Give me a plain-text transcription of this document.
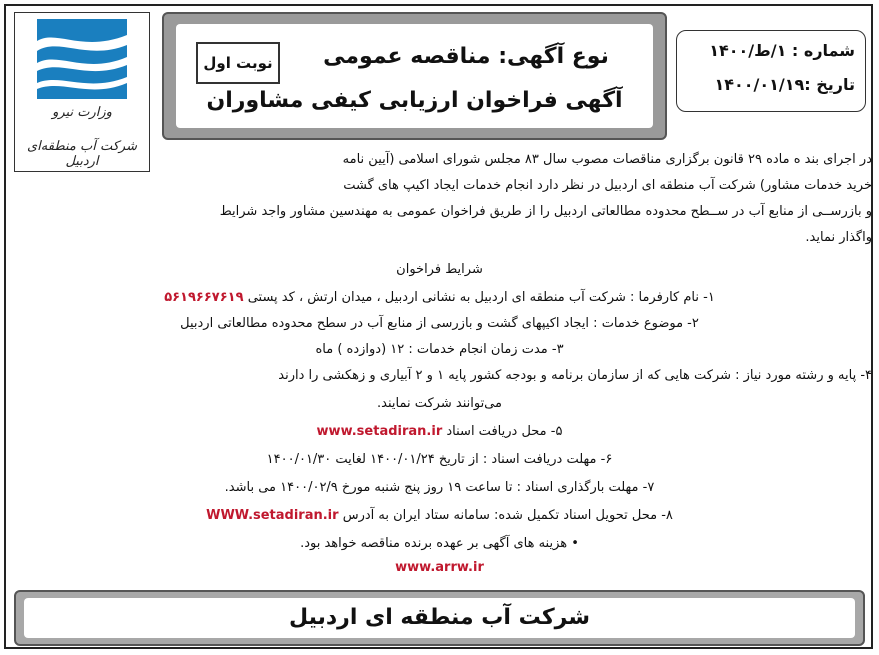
وزارت نیرو
شرکت آب منطقه‌ای اردبیل
نوبت اول	نوع آگهی: مناقصه عمومی
آگهی فراخوان ارزیابی کیفی مشاوران
شماره : ۱/ط/۱۴۰۰
تاریخ :۱۴۰۰/۰۱/۱۹
در اجرای بند ه ماده ۲۹ قانون برگزاری مناقصات مصوب سال ۸۳ مجلس شورای اسلامی (آیین نامه
خرید خدمات مشاور) شرکت آب منطقه ای اردبیل در نظر دارد انجام خدمات ایجاد اکیپ های گشت
و بازرســی از منابع آب در ســطح محدوده مطالعاتی اردبیل را از طریق فراخوان عمومی به مهندسین مشاور واجد شرایط
واگذار نماید.
شرایط فراخوان
۱- نام کارفرما : شرکت آب منطقه ای اردبیل به نشانی اردبیل ، میدان ارتش ، کد پستی ۵۶۱۹۶۶۷۶۱۹
۲- موضوع خدمات : ایجاد اکیپهای گشت و بازرسی از منابع آب در سطح محدوده مطالعاتی اردبیل
۳- مدت زمان انجام خدمات : ۱۲ (دوازده ) ماه
۴- پایه و رشته مورد نیاز : شرکت هایی که از سازمان برنامه و بودجه کشور پایه ۱ و ۲ آبیاری و زهکشی را دارند
می‌توانند شرکت نمایند.
۵- محل دریافت اسناد www.setadiran.ir
۶- مهلت دریافت اسناد : از تاریخ ۱۴۰۰/۰۱/۲۴ لغایت ۱۴۰۰/۰۱/۳۰
۷- مهلت بارگذاری اسناد : تا ساعت ۱۹ روز پنج شنبه مورخ ۱۴۰۰/۰۲/۹ می باشد.
۸- محل تحویل اسناد تکمیل شده: سامانه ستاد ایران به آدرس WWW.setadiran.ir
• هزینه های آگهی بر عهده برنده مناقصه خواهد بود.
www.arrw.ir
شرکت آب منطقه ای اردبیل
